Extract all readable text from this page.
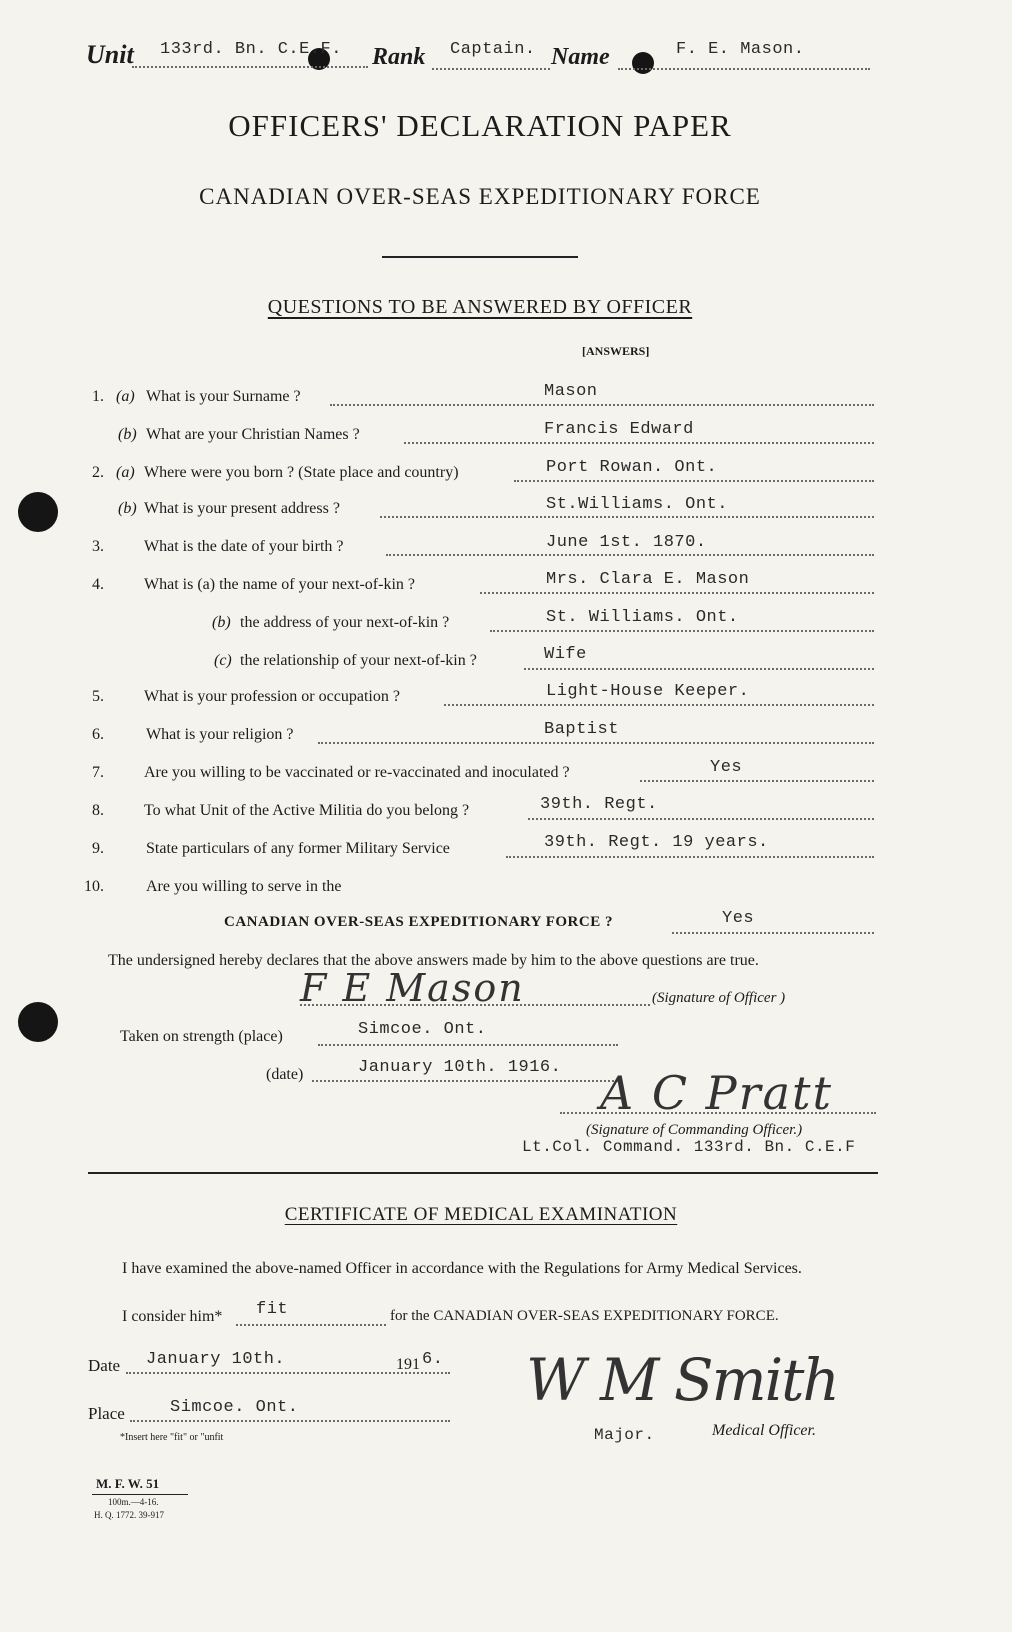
Unit 133rd. Bn. C.E.F. Rank Captain. Name	F. E. Mason.
OFFICERS' DECLARATION PAPER
CANADIAN OVER-SEAS EXPEDITIONARY FORCE
QUESTIONS TO BE ANSWERED BY OFFICER
[ANSWERS]
1. (a) What is your Surname ?	Mason
(b) What are your Christian Names ?	Francis Edward
2. (a) Where were you born ? (State place and country)	Port Rowan. Ont.
(b) What is your present address ?	St.Williams. Ont.
3.	What is the date of your birth ?	June 1st. 1870.
4.	What is (a) the name of your next-of-kin ?	Mrs. Clara E. Mason
(b) the address of your next-of-kin ?	St. Williams. Ont.
(c) the relationship of your next-of-kin ?	Wife
5.	What is your profession or occupation ?	Light-House Keeper.
6.	What is your religion ?	Baptist
7.	Are you willing to be vaccinated or re-vaccinated and inoculated ?	Yes
8.	To what Unit of the Active Militia do you belong ?	39th. Regt.
9.	State particulars of any former Military Service	39th. Regt. 19 years.
10.	Are you willing to serve in the
CANADIAN OVER-SEAS EXPEDITIONARY FORCE ?	Yes
The undersigned hereby declares that the above answers made by him to the above questions are true.
F E Mason	(Signature of Officer )
Taken on strength (place)	Simcoe. Ont.
(date)	January 10th. 1916. A C Pratt
(Signature of Commanding Officer.)
Lt.Col. Command. 133rd. Bn. C.E.F
CERTIFICATE OF MEDICAL EXAMINATION
I have examined the above-named Officer in accordance with the Regulations for Army Medical Services.
I consider him* fit	for the CANADIAN OVER-SEAS EXPEDITIONARY FORCE.
Date January 10th.	191 6.
Place	Simcoe. Ont.
*Insert here "fit" or "unfit
W M Smith
Major.	Medical Officer.
M. F. W. 51
100m.—4-16.
H. Q. 1772. 39-917
